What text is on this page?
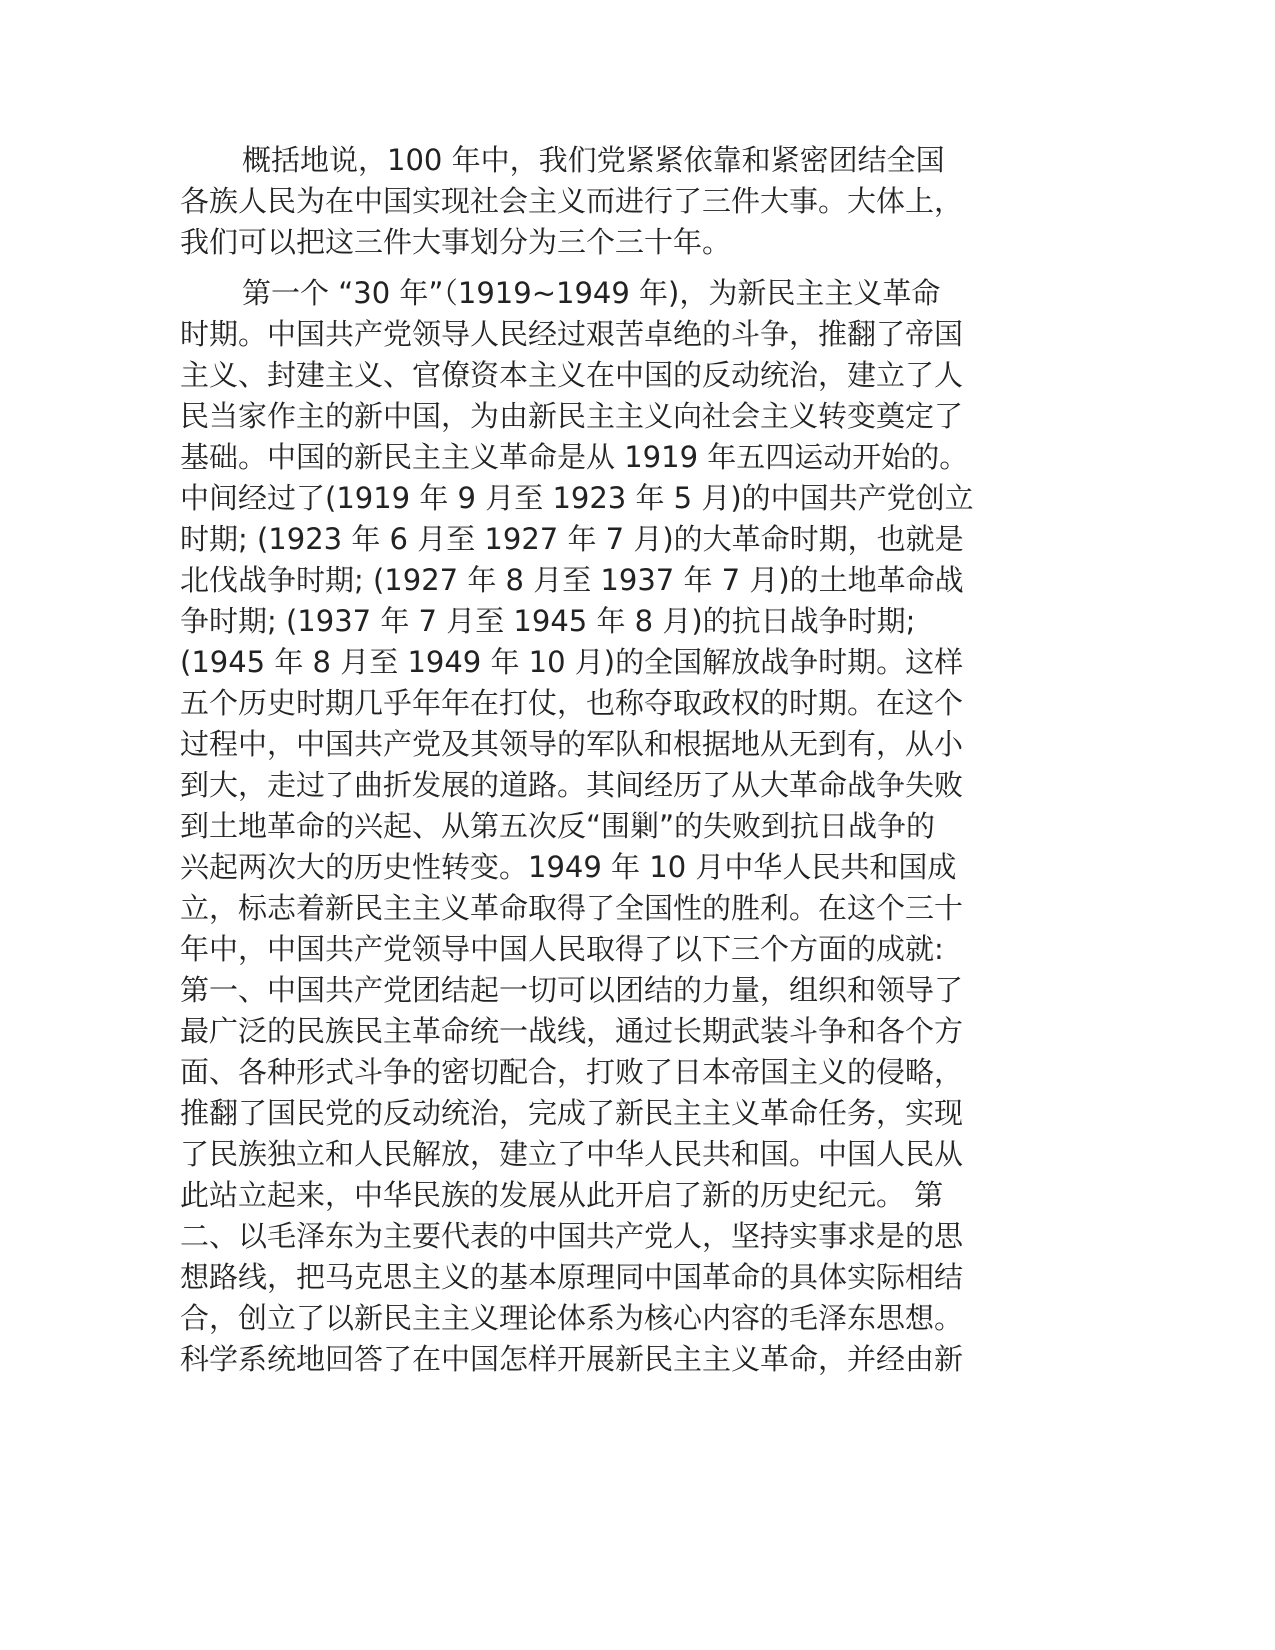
概括地说，100 年中，我们党紧紧依靠和紧密团结全国
各族人民为在中国实现社会主义而进行了三件大事。大体上，
我们可以把这三件大事划分为三个三十年。
第一个 “30 年”（1919~1949 年)，为新民主主义革命
时期。中国共产党领导人民经过艰苦卓绝的斗争，推翻了帝国
主义、封建主义、官僚资本主义在中国的反动统治，建立了人
民当家作主的新中国，为由新民主主义向社会主义转变奠定了
基础。中国的新民主主义革命是从 1919 年五四运动开始的。
中间经过了(1919 年 9 月至 1923 年 5 月)的中国共产党创立
时期; (1923 年 6 月至 1927 年 7 月)的大革命时期，也就是
北伐战争时期; (1927 年 8 月至 1937 年 7 月)的土地革命战
争时期; (1937 年 7 月至 1945 年 8 月)的抗日战争时期;
(1945 年 8 月至 1949 年 10 月)的全国解放战争时期。这样
五个历史时期几乎年年在打仗，也称夺取政权的时期。在这个
过程中，中国共产党及其领导的军队和根据地从无到有，从小
到大，走过了曲折发展的道路。其间经历了从大革命战争失败
到土地革命的兴起、从第五次反“围剿”的失败到抗日战争的
兴起两次大的历史性转变。1949 年 10 月中华人民共和国成
立，标志着新民主主义革命取得了全国性的胜利。在这个三十
年中，中国共产党领导中国人民取得了以下三个方面的成就:
第一、中国共产党团结起一切可以团结的力量，组织和领导了
最广泛的民族民主革命统一战线，通过长期武装斗争和各个方
面、各种形式斗争的密切配合，打败了日本帝国主义的侵略，
推翻了国民党的反动统治，完成了新民主主义革命任务，实现
了民族独立和人民解放，建立了中华人民共和国。中国人民从
此站立起来，中华民族的发展从此开启了新的历史纪元。 第
二、以毛泽东为主要代表的中国共产党人，坚持实事求是的思
想路线，把马克思主义的基本原理同中国革命的具体实际相结
合，创立了以新民主主义理论体系为核心内容的毛泽东思想。
科学系统地回答了在中国怎样开展新民主主义革命，并经由新
